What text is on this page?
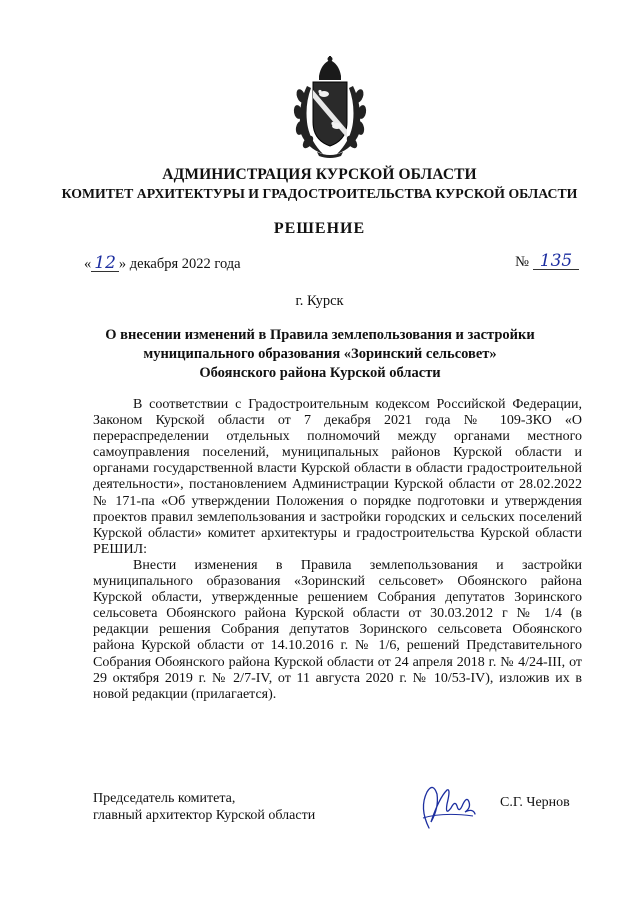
АДМИНИСТРАЦИЯ КУРСКОЙ ОБЛАСТИ

КОМИТЕТ АРХИТЕКТУРЫ И ГРАДОСТРОИТЕЛЬСТВА КУРСКОЙ ОБЛАСТИ

РЕШЕНИЕ

« 12 » декабря 2022 года	№ 135

г. Курск

О внесении изменений в Правила землепользования и застройки
муниципального образования «Зоринский сельсовет»
Обоянского района Курской области

В соответствии с Градостроительным кодексом Российской Федерации, Законом Курской области от 7 декабря 2021 года № 109-ЗКО «О перераспределении отдельных полномочий между органами местного самоуправления поселений, муниципальных районов Курской области и органами государственной власти Курской области в области градостроительной деятельности», постановлением Администрации Курской области от 28.02.2022 № 171-па «Об утверждении Положения о порядке подготовки и утверждения проектов правил землепользования и застройки городских и сельских поселений Курской области» комитет архитектуры и градостроительства Курской области РЕШИЛ:

Внести изменения в Правила землепользования и застройки муниципального образования «Зоринский сельсовет» Обоянского района Курской области, утвержденные решением Собрания депутатов Зоринского сельсовета Обоянского района Курской области от 30.03.2012 г № 1/4 (в редакции решения Собрания депутатов Зоринского сельсовета Обоянского района Курской области от 14.10.2016 г. № 1/6, решений Представительного Собрания Обоянского района Курской области от 24 апреля 2018 г. № 4/24-III, от 29 октября 2019 г. № 2/7-IV, от 11 августа 2020 г. № 10/53-IV), изложив их в новой редакции (прилагается).

Председатель комитета,
главный архитектор Курской области
С.Г. Чернов
